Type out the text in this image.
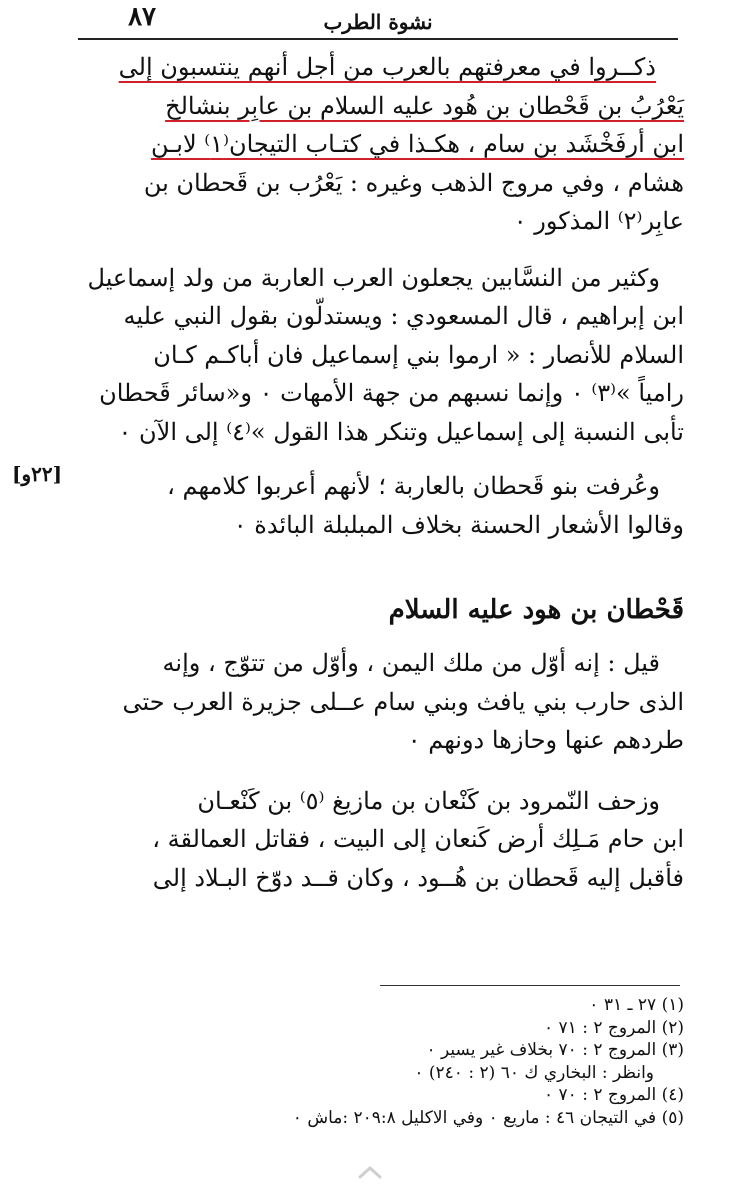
٨٧	نشوة الطرب
[٢٢و]
ذكــروا في معرفتهم بالعرب من أجل أنهم ينتسبون إلى
يَعْرُبُ بن قَحْطان بن هُود عليه السلام بن عابِر بنشالخ
ابن أرفَخْشَد بن سام ، هكـذا في كتـاب التيجان⁽١⁾ لابـن
هشام ، وفي مروج الذهب وغيره : يَعْرُب بن قَحطان بن
عابِر⁽٢⁾ المذكور ٠
وكثير من النسَّابين يجعلون العرب العاربة من ولد إسماعيل
ابن إبراهيم ، قال المسعودي : ويستدلّون بقول النبي عليه
السلام للأنصار : « ارموا بني إسماعيل فان أباكـم كـان
رامياً »⁽٣⁾ ٠ وإنما نسبهم من جهة الأمهات ٠ و«سائر قَحطان
تأبى النسبة إلى إسماعيل وتنكر هذا القول »⁽٤⁾ إلى الآن ٠
وعُرفت بنو قَحطان بالعاربة ؛ لأنهم أعربوا كلامهم ،
وقالوا الأشعار الحسنة بخلاف المبلبلة البائدة ٠
قَحْطان بن هود عليه السلام
قيل : إنه أوّل من ملك اليمن ، وأوّل من تتوّج ، وإنه
الذى حارب بني يافث وبني سام عــلى جزيرة العرب حتى
طردهم عنها وحازها دونهم ٠
وزحف النّمرود بن كَنْعان بن مازيغ ⁽٥⁾ بن كَنْعـان
ابن حام مَـلِك أرض كَنعان إلى البيت ، فقاتل العمالقة ،
فأقبل إليه قَحطان بن هُــود ، وكان قــد دوّخ البـلاد إلى

(١) ٢٧ ـ ٣١ ٠

(٢) المروج ٢ : ٧١ ٠

(٣) المروج ٢ : ٧٠ بخلاف غير يسير ٠

وانظر : البخاري ك ٦٠ (٢ : ٢٤٠) ٠

(٤) المروج ٢ : ٧٠ ٠

(٥) في التيجان ٤٦ : ماريع ٠ وفي الاكليل ٢٠٩:٨ :ماش ٠
